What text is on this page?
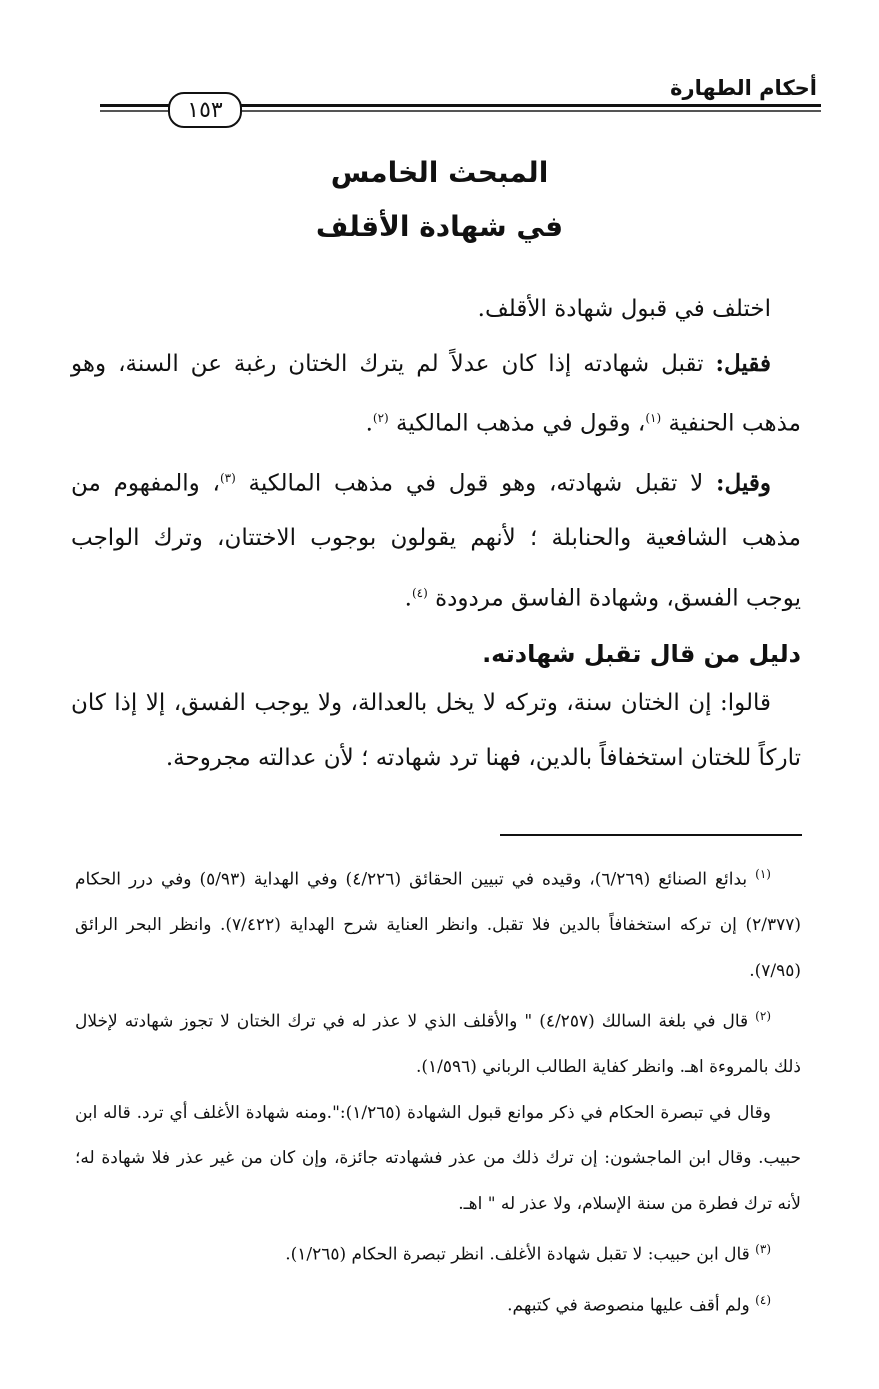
أحكام الطهارة
١٥٣
المبحث الخامس
في شهادة الأقلف

اختلف في قبول شهادة الأقلف.

فقيل: تقبل شهادته إذا كان عدلاً لم يترك الختان رغبة عن السنة، وهو مذهب الحنفية $^{(١)}$، وقول في مذهب المالكية $^{(٢)}$.

وقيل: لا تقبل شهادته، وهو قول في مذهب المالكية $^{(٣)}$، والمفهوم من مذهب الشافعية والحنابلة ؛ لأنهم يقولون بوجوب الاختتان، وترك الواجب يوجب الفسق، وشهادة الفاسق مردودة $^{(٤)}$.

دليل من قال تقبل شهادته.

قالوا: إن الختان سنة، وتركه لا يخل بالعدالة، ولا يوجب الفسق، إلا إذا كان تاركاً للختان استخفافاً بالدين، فهنا ترد شهادته ؛ لأن عدالته مجروحة.

$^{(١)}$ بدائع الصنائع (٦/٢٦٩)، وقيده في تبيين الحقائق (٤/٢٢٦) وفي الهداية (٥/٩٣) وفي درر الحكام (٢/٣٧٧) إن تركه استخفافاً بالدين فلا تقبل. وانظر العناية شرح الهداية (٧/٤٢٢). وانظر البحر الرائق (٧/٩٥).

$^{(٢)}$ قال في بلغة السالك (٤/٢٥٧) " والأقلف الذي لا عذر له في ترك الختان لا تجوز شهادته لإخلال ذلك بالمروءة اهـ. وانظر كفاية الطالب الرباني (١/٥٩٦).

وقال في تبصرة الحكام في ذكر موانع قبول الشهادة (١/٢٦٥):".ومنه شهادة الأغلف أي ترد. قاله ابن حبيب. وقال ابن الماجشون: إن ترك ذلك من عذر فشهادته جائزة، وإن كان من غير عذر فلا شهادة له؛ لأنه ترك فطرة من سنة الإسلام، ولا عذر له " اهـ.

$^{(٣)}$ قال ابن حبيب: لا تقبل شهادة الأغلف. انظر تبصرة الحكام (١/٢٦٥).

$^{(٤)}$ ولم أقف عليها منصوصة في كتبهم.
